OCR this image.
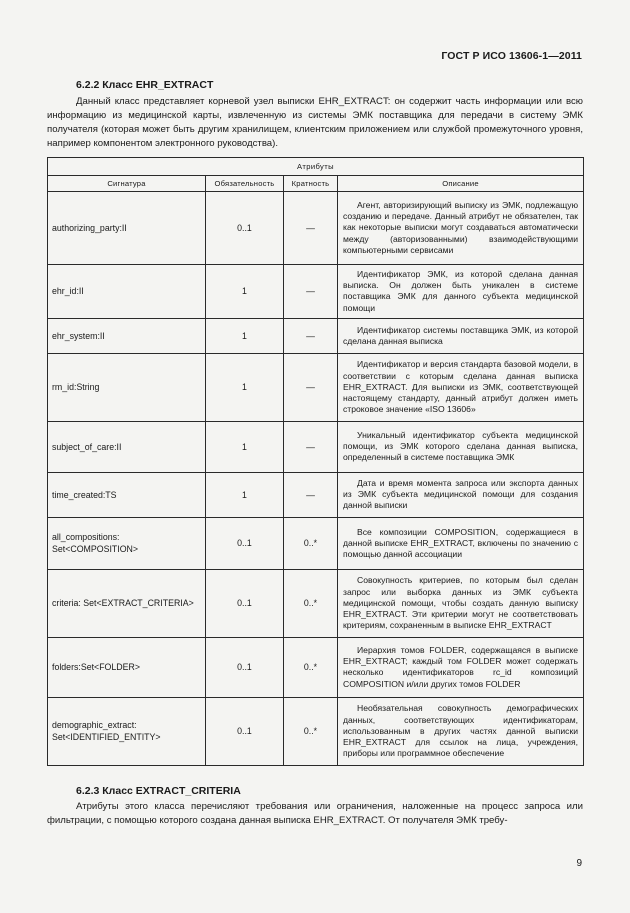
ГОСТ Р ИСО 13606-1—2011
6.2.2 Класс EHR_EXTRACT
Данный класс представляет корневой узел выписки EHR_EXTRACT: он содержит часть информации или всю информацию из медицинской карты, извлеченную из системы ЭМК поставщика для передачи в систему ЭМК получателя (которая может быть другим хранилищем, клиентским приложением или службой промежуточного уровня, например компонентом электронного руководства).
Атрибуты			
Сигнатура	Обязательность	Кратность	Описание
authorizing_party:II	0..1	—	Агент, авторизирующий выписку из ЭМК, подлежащую созданию и передаче. Данный атрибут не обязателен, так как некоторые выписки могут создаваться автоматически между (авторизованными) взаимодействующими компьютерными сервисами
ehr_id:II	1	—	Идентификатор ЭМК, из которой сделана данная выписка. Он должен быть уникален в системе поставщика ЭМК для данного субъекта медицинской помощи
ehr_system:II	1	—	Идентификатор системы поставщика ЭМК, из которой сделана данная выписка
rm_id:String	1	—	Идентификатор и версия стандарта базовой модели, в соответствии с которым сделана данная выписка EHR_EXTRACT. Для выписки из ЭМК, соответствующей настоящему стандарту, данный атрибут должен иметь строковое значение «ISO 13606»
subject_of_care:II	1	—	Уникальный идентификатор субъекта медицинской помощи, из ЭМК которого сделана данная выписка, определенный в системе поставщика ЭМК
time_created:TS	1	—	Дата и время момента запроса или экспорта данных из ЭМК субъекта медицинской помощи для создания данной выписки
all_compositions: Set<COMPOSITION>	0..1	0..*	Все композиции COMPOSITION, содержащиеся в данной выписке EHR_EXTRACT, включены по значению с помощью данной ассоциации
criteria: Set<EXTRACT_CRITERIA>	0..1	0..*	Совокупность критериев, по которым был сделан запрос или выборка данных из ЭМК субъекта медицинской помощи, чтобы создать данную выписку EHR_EXTRACT. Эти критерии могут не соответствовать критериям, сохраненным в выписке EHR_EXTRACT
folders:Set<FOLDER>	0..1	0..*	Иерархия томов FOLDER, содержащаяся в выписке EHR_EXTRACT; каждый том FOLDER может содержать несколько идентификаторов rc_id композиций COMPOSITION и/или других томов FOLDER
demographic_extract: Set<IDENTIFIED_ENTITY>	0..1	0..*	Необязательная совокупность демографических данных, соответствующих идентификаторам, использованным в других частях данной выписки EHR_EXTRACT для ссылок на лица, учреждения, приборы или программное обеспечение
6.2.3 Класс EXTRACT_CRITERIA
Атрибуты этого класса перечисляют требования или ограничения, наложенные на процесс запроса или фильтрации, с помощью которого создана данная выписка EHR_EXTRACT. От получателя ЭМК требу-
9
